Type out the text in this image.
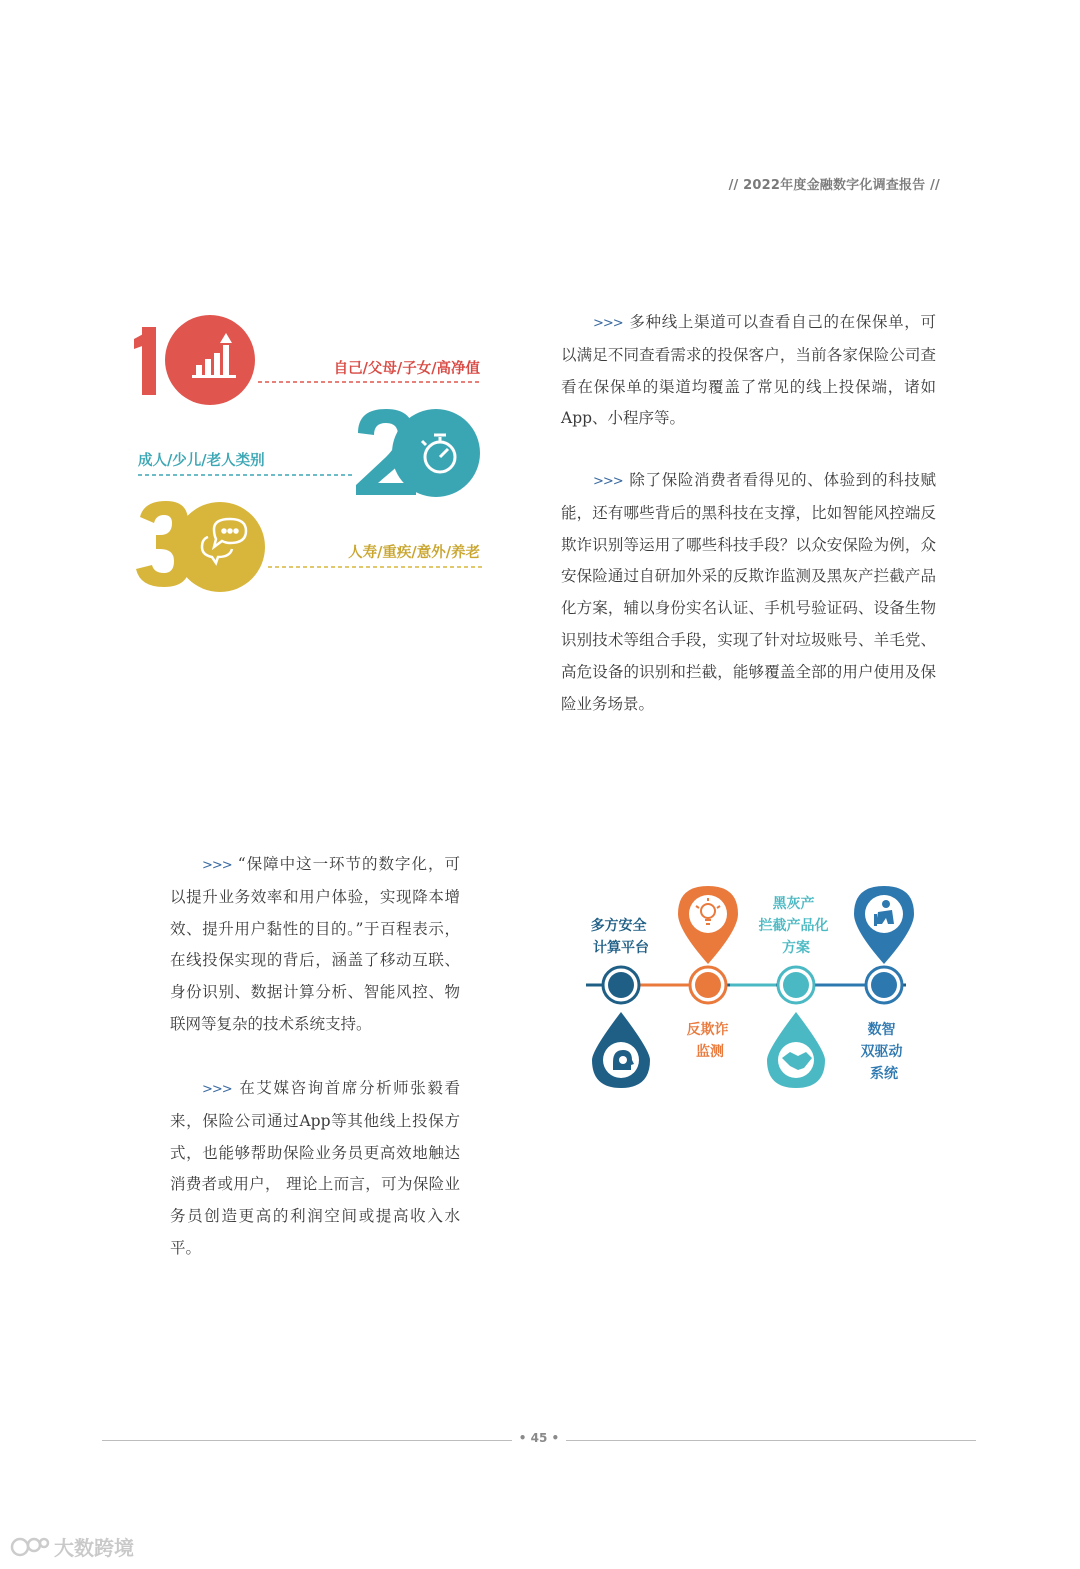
// 2022年度金融数字化调查报告 //
自己/父母/子女/高净值
成人/少儿/老人类别
人寿/重疾/意外/养老

>>> 多种线上渠道可以查看自己的在保保单，可以满足不同查看需求的投保客户，当前各家保险公司查看在保保单的渠道均覆盖了常见的线上投保端，诸如App、小程序等。

>>> 除了保险消费者看得见的、体验到的科技赋能，还有哪些背后的黑科技在支撑，比如智能风控端反欺诈识别等运用了哪些科技手段？以众安保险为例，众安保险通过自研加外采的反欺诈监测及黑灰产拦截产品化方案，辅以身份实名认证、手机号验证码、设备生物识别技术等组合手段，实现了针对垃圾账号、羊毛党、高危设备的识别和拦截，能够覆盖全部的用户使用及保险业务场景。

>>> “保障中这一环节的数字化，可以提升业务效率和用户体验，实现降本增效、提升用户黏性的目的。”于百程表示，在线投保实现的背后，涵盖了移动互联、身份识别、数据计算分析、智能风控、物联网等复杂的技术系统支持。

>>> 在艾媒咨询首席分析师张毅看来，保险公司通过App等其他线上投保方式，也能够帮助保险业务员更高效地触达消费者或用户， 理论上而言，可为保险业务员创造更高的利润空间或提高收入水平。

多方安全 计算平台
反欺诈 监测
黑灰产 拦截产品化 方案
数智 双驱动 系统
• 45 •
大数跨境
